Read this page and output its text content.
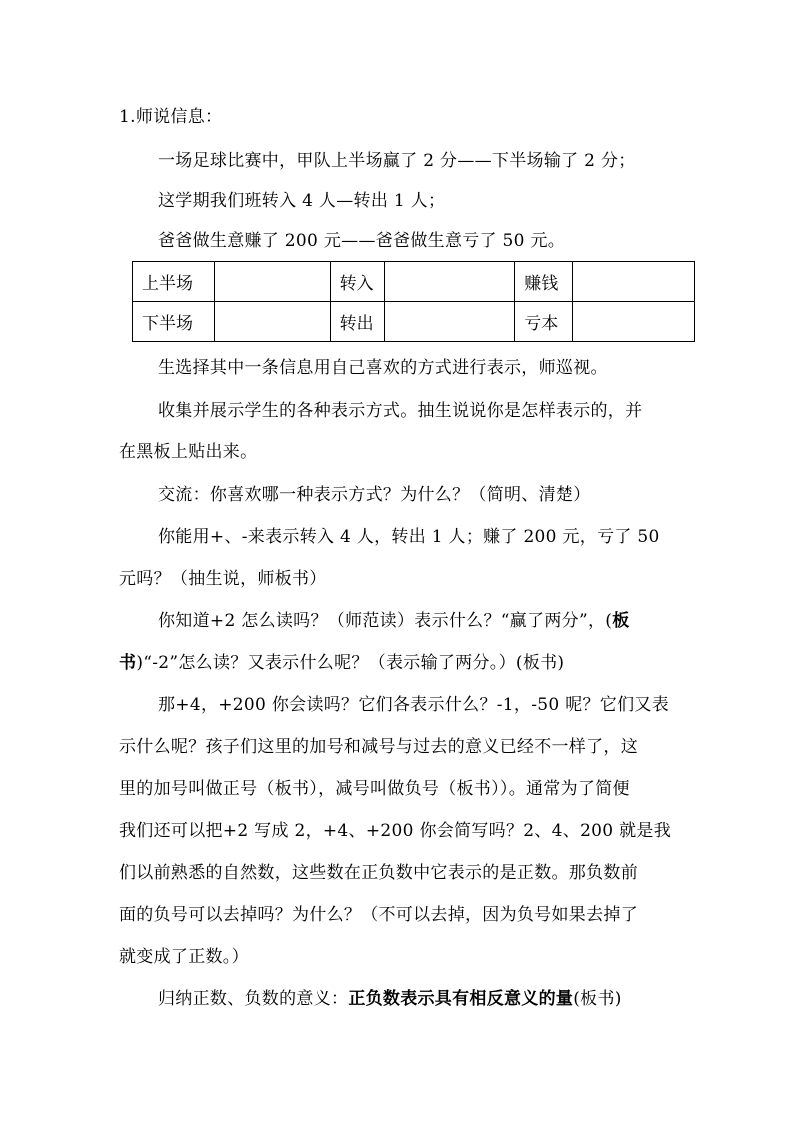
1.师说信息：
一场足球比赛中，甲队上半场赢了 2 分——下半场输了 2 分；
这学期我们班转入 4 人—转出 1 人；
爸爸做生意赚了 200 元——爸爸做生意亏了 50 元。
上半场		转入		赚钱	
下半场		转出		亏本	
生选择其中一条信息用自己喜欢的方式进行表示，师巡视。
收集并展示学生的各种表示方式。抽生说说你是怎样表示的，并
在黑板上贴出来。
交流：你喜欢哪一种表示方式？为什么？（简明、清楚）
你能用+、-来表示转入 4 人，转出 1 人；赚了 200 元，亏了 50
元吗？（抽生说，师板书）
你知道+2 怎么读吗？（师范读）表示什么？“赢了两分”，(板
书)“-2”怎么读？又表示什么呢？（表示输了两分。）(板书)
那+4，+200 你会读吗？它们各表示什么？-1，-50 呢？它们又表
示什么呢？孩子们这里的加号和减号与过去的意义已经不一样了，这
里的加号叫做正号（板书），减号叫做负号（板书））。通常为了简便
我们还可以把+2 写成 2，+4、+200 你会简写吗？2、4、200 就是我
们以前熟悉的自然数，这些数在正负数中它表示的是正数。那负数前
面的负号可以去掉吗？为什么？（不可以去掉，因为负号如果去掉了
就变成了正数。）
归纳正数、负数的意义：正负数表示具有相反意义的量(板书)
